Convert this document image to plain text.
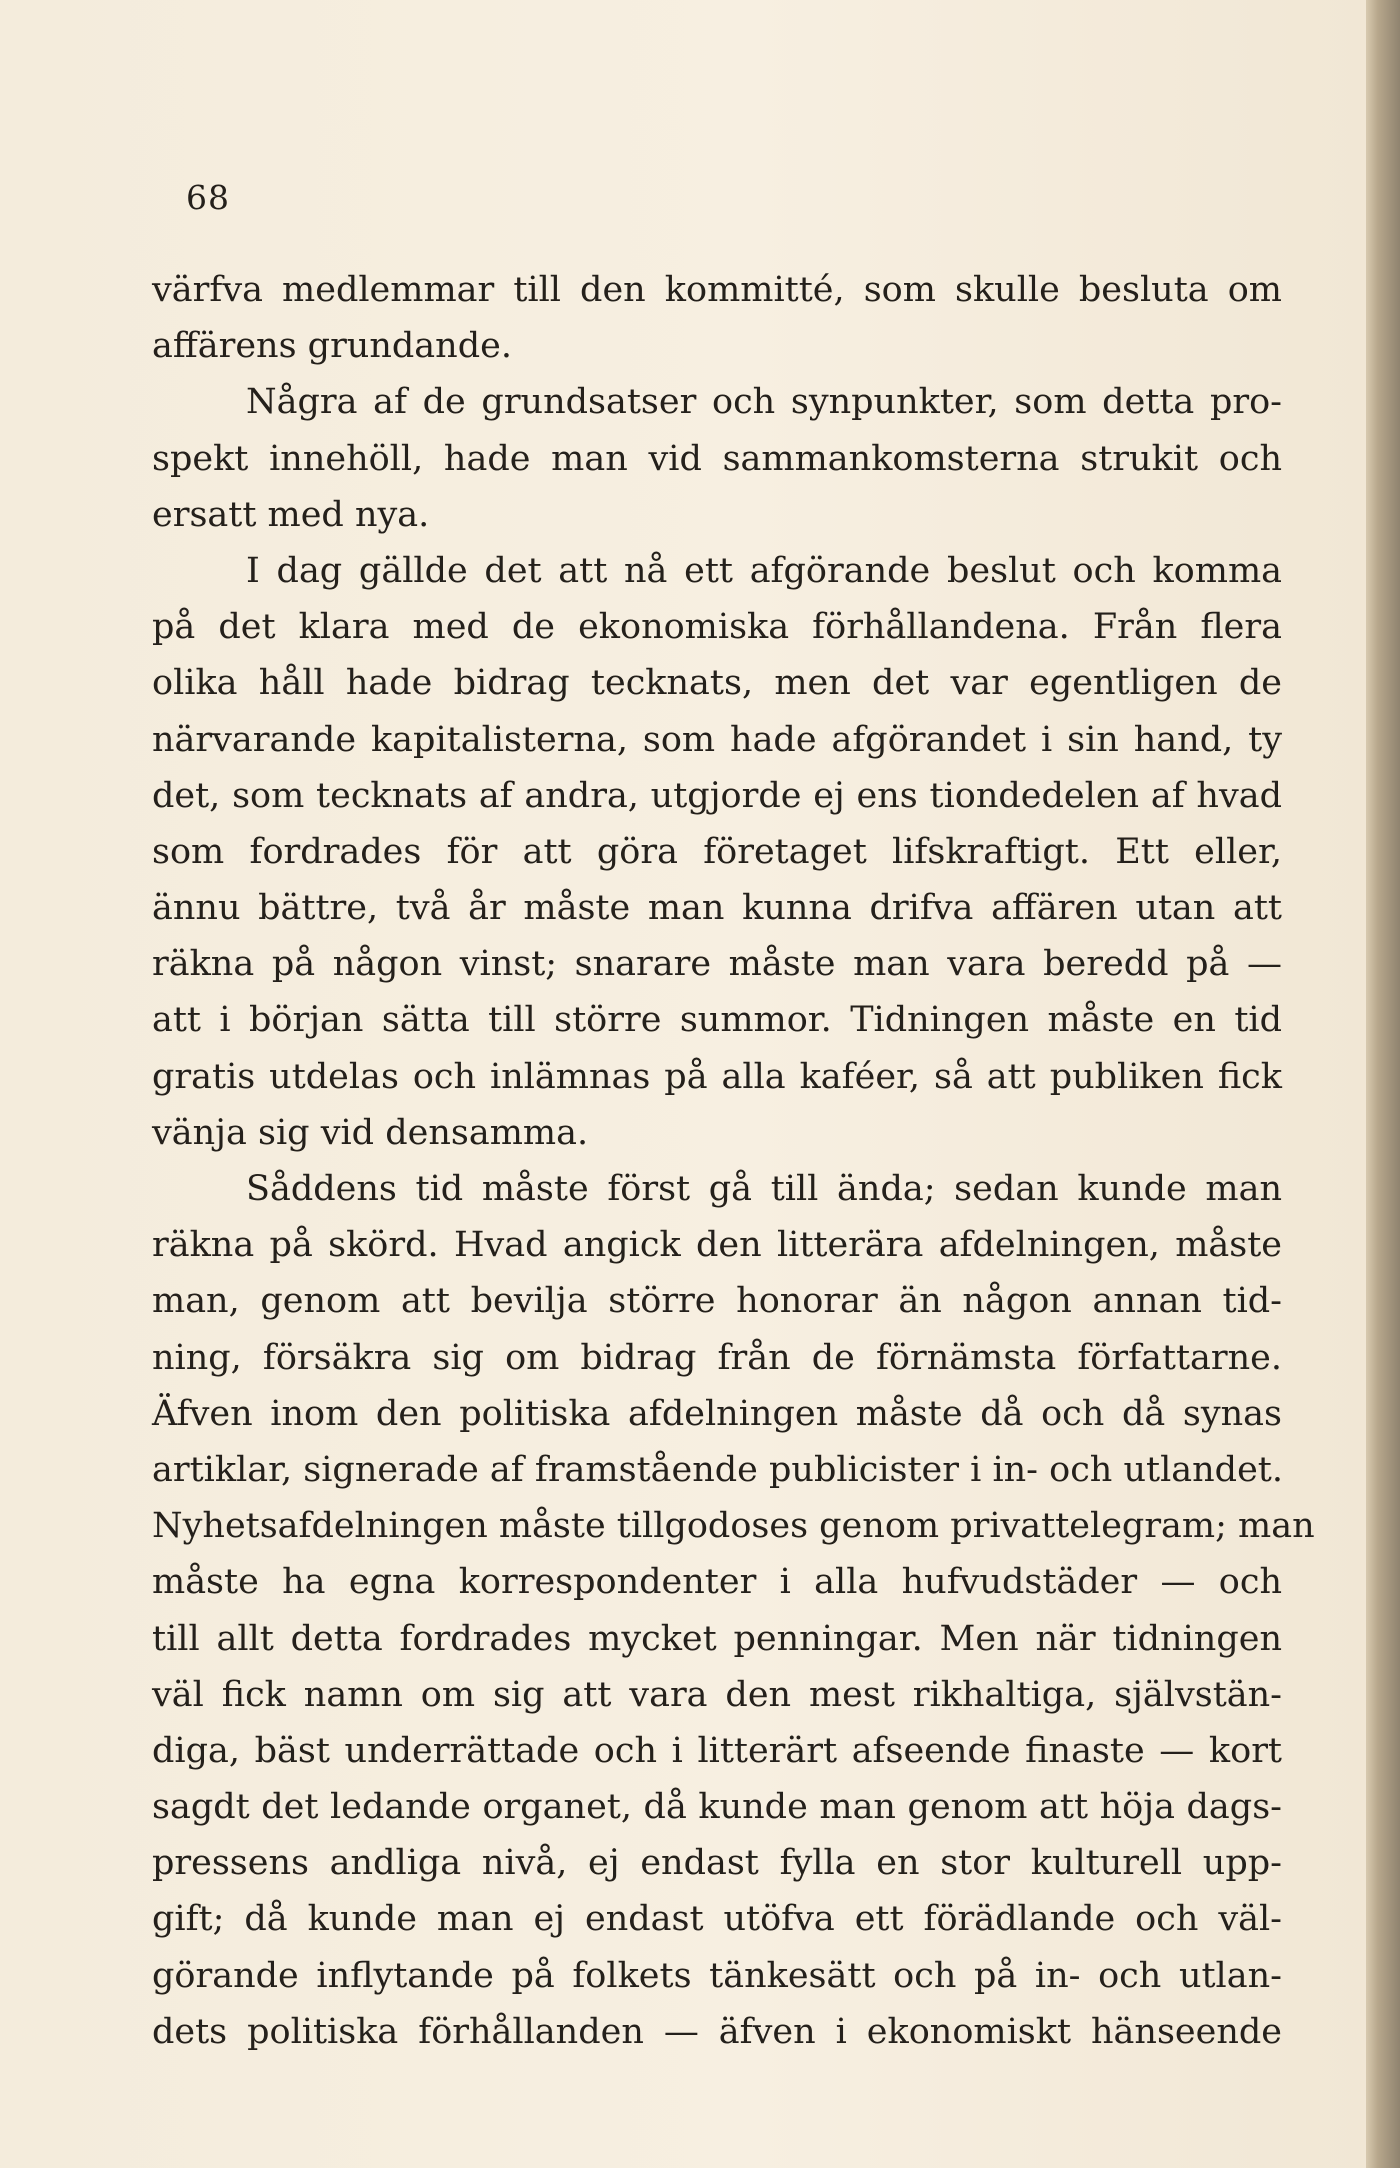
68
värfva medlemmar till den kommitté, som skulle besluta om
affärens grundande.
Några af de grundsatser och synpunkter, som detta pro-
spekt innehöll, hade man vid sammankomsterna strukit och
ersatt med nya.
I dag gällde det att nå ett afgörande beslut och komma
på det klara med de ekonomiska förhållandena. Från flera
olika håll hade bidrag tecknats, men det var egentligen de
närvarande kapitalisterna, som hade afgörandet i sin hand, ty
det, som tecknats af andra, utgjorde ej ens tiondedelen af hvad
som fordrades för att göra företaget lifskraftigt. Ett eller,
ännu bättre, två år måste man kunna drifva affären utan att
räkna på någon vinst; snarare måste man vara beredd på —
att i början sätta till större summor. Tidningen måste en tid
gratis utdelas och inlämnas på alla kaféer, så att publiken fick
vänja sig vid densamma.
Såddens tid måste först gå till ända; sedan kunde man
räkna på skörd. Hvad angick den litterära afdelningen, måste
man, genom att bevilja större honorar än någon annan tid-
ning, försäkra sig om bidrag från de förnämsta författarne.
Äfven inom den politiska afdelningen måste då och då synas
artiklar, signerade af framstående publicister i in- och utlandet.
Nyhetsafdelningen måste tillgodoses genom privattelegram; man
måste ha egna korrespondenter i alla hufvudstäder — och
till allt detta fordrades mycket penningar. Men när tidningen
väl fick namn om sig att vara den mest rikhaltiga, självstän-
diga, bäst underrättade och i litterärt afseende finaste — kort
sagdt det ledande organet, då kunde man genom att höja dags-
pressens andliga nivå, ej endast fylla en stor kulturell upp-
gift; då kunde man ej endast utöfva ett förädlande och väl-
görande inflytande på folkets tänkesätt och på in- och utlan-
dets politiska förhållanden — äfven i ekonomiskt hänseende
